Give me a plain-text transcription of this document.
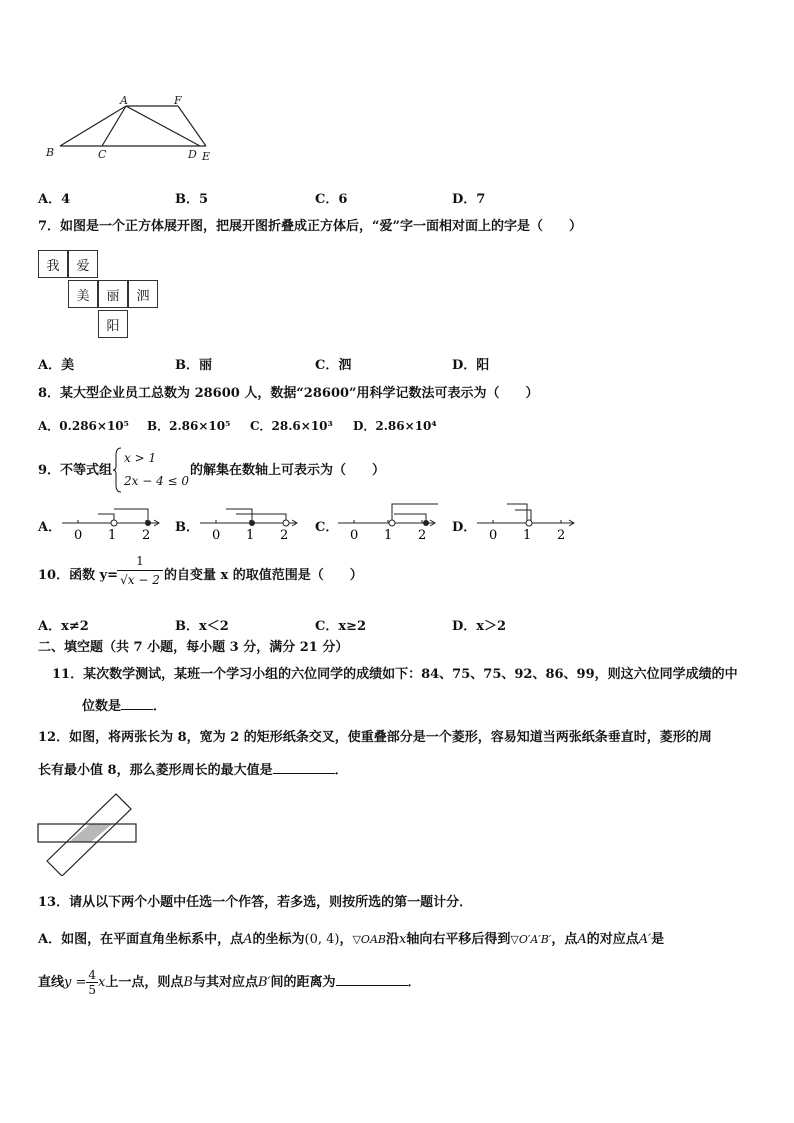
A	F
B	C	D E
A．4	B．5	C．6	D．7
7．如图是一个正方体展开图，把展开图折叠成正方体后，“爱”字一面相对面上的字是（　　）
我	爱
美	丽	泗
阳
A．美	B．丽	C．泗	D．阳
8．某大型企业员工总数为 28600 人，数据“28600”用科学记数法可表示为（　　）
A．0.286×10⁵ B．2.86×10⁵ C．28.6×10³ D．2.86×10⁴
9．不等式组
x > 1
2x − 4 ≤ 0
的解集在数轴上可表示为（　　）
A．
0 1 2
B．
0 1 2
C．
0 1 2
D．
0 1 2
10．函数 y=
$\frac{1}{√x - 2}$ 的自变量 x 的取值范围是（　　）
A．x≠2	B．x＜2	C．x≥2	D．x＞2
二、填空题（共 7 小题，每小题 3 分，满分 21 分）
11．某次数学测试，某班一个学习小组的六位同学的成绩如下：84、75、75、92、86、99，则这六位同学成绩的中
位数是 ．
12．如图，将两张长为 8，宽为 2 的矩形纸条交叉，使重叠部分是一个菱形，容易知道当两张纸条垂直时，菱形的周
长有最小值 8，那么菱形周长的最大值是	．
13．请从以下两个小题中任选一个作答，若多选，则按所选的第一题计分．
A．如图，在平面直角坐标系中，点A的坐标为(0, 4)，▽OAB沿x轴向右平移后得到▽O′A′B′，点A的对应点A′是
直线$y = \frac{4}{5}$ x上一点，则点B与其对应点B′间的距离为	．
